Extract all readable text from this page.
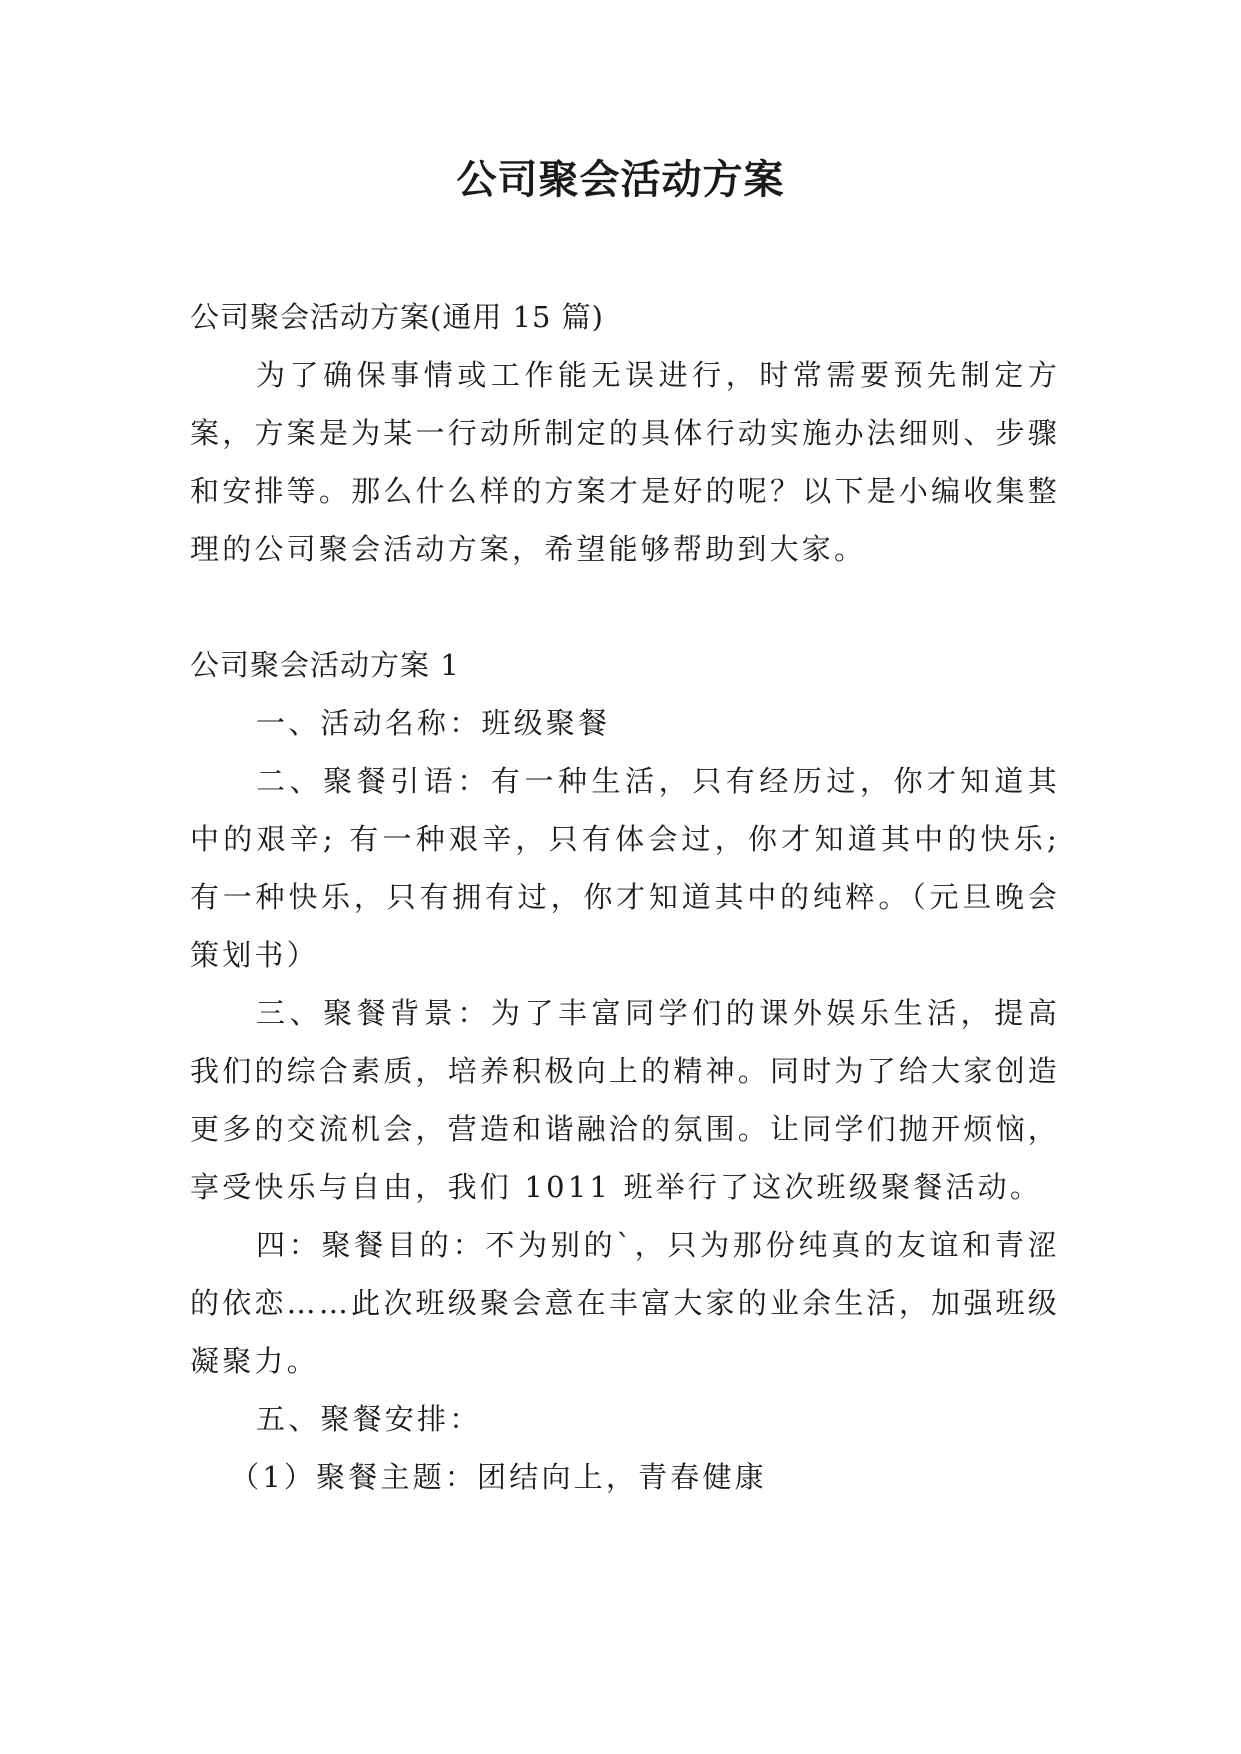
公司聚会活动方案

公司聚会活动方案(通用 15 篇)

为了确保事情或工作能无误进行，时常需要预先制定方案，方案是为某一行动所制定的具体行动实施办法细则、步骤和安排等。那么什么样的方案才是好的呢？以下是小编收集整理的公司聚会活动方案，希望能够帮助到大家。

公司聚会活动方案 1

一、活动名称：班级聚餐

二、聚餐引语：有一种生活，只有经历过，你才知道其中的艰辛; 有一种艰辛，只有体会过，你才知道其中的快乐; 有一种快乐，只有拥有过，你才知道其中的纯粹。（元旦晚会策划书）

三、聚餐背景：为了丰富同学们的课外娱乐生活，提高我们的综合素质，培养积极向上的精神。同时为了给大家创造更多的交流机会，营造和谐融洽的氛围。让同学们抛开烦恼，享受快乐与自由，我们 1011 班举行了这次班级聚餐活动。

四：聚餐目的：不为别的`，只为那份纯真的友谊和青涩的依恋……此次班级聚会意在丰富大家的业余生活，加强班级凝聚力。

五、聚餐安排：

（1）聚餐主题：团结向上，青春健康
